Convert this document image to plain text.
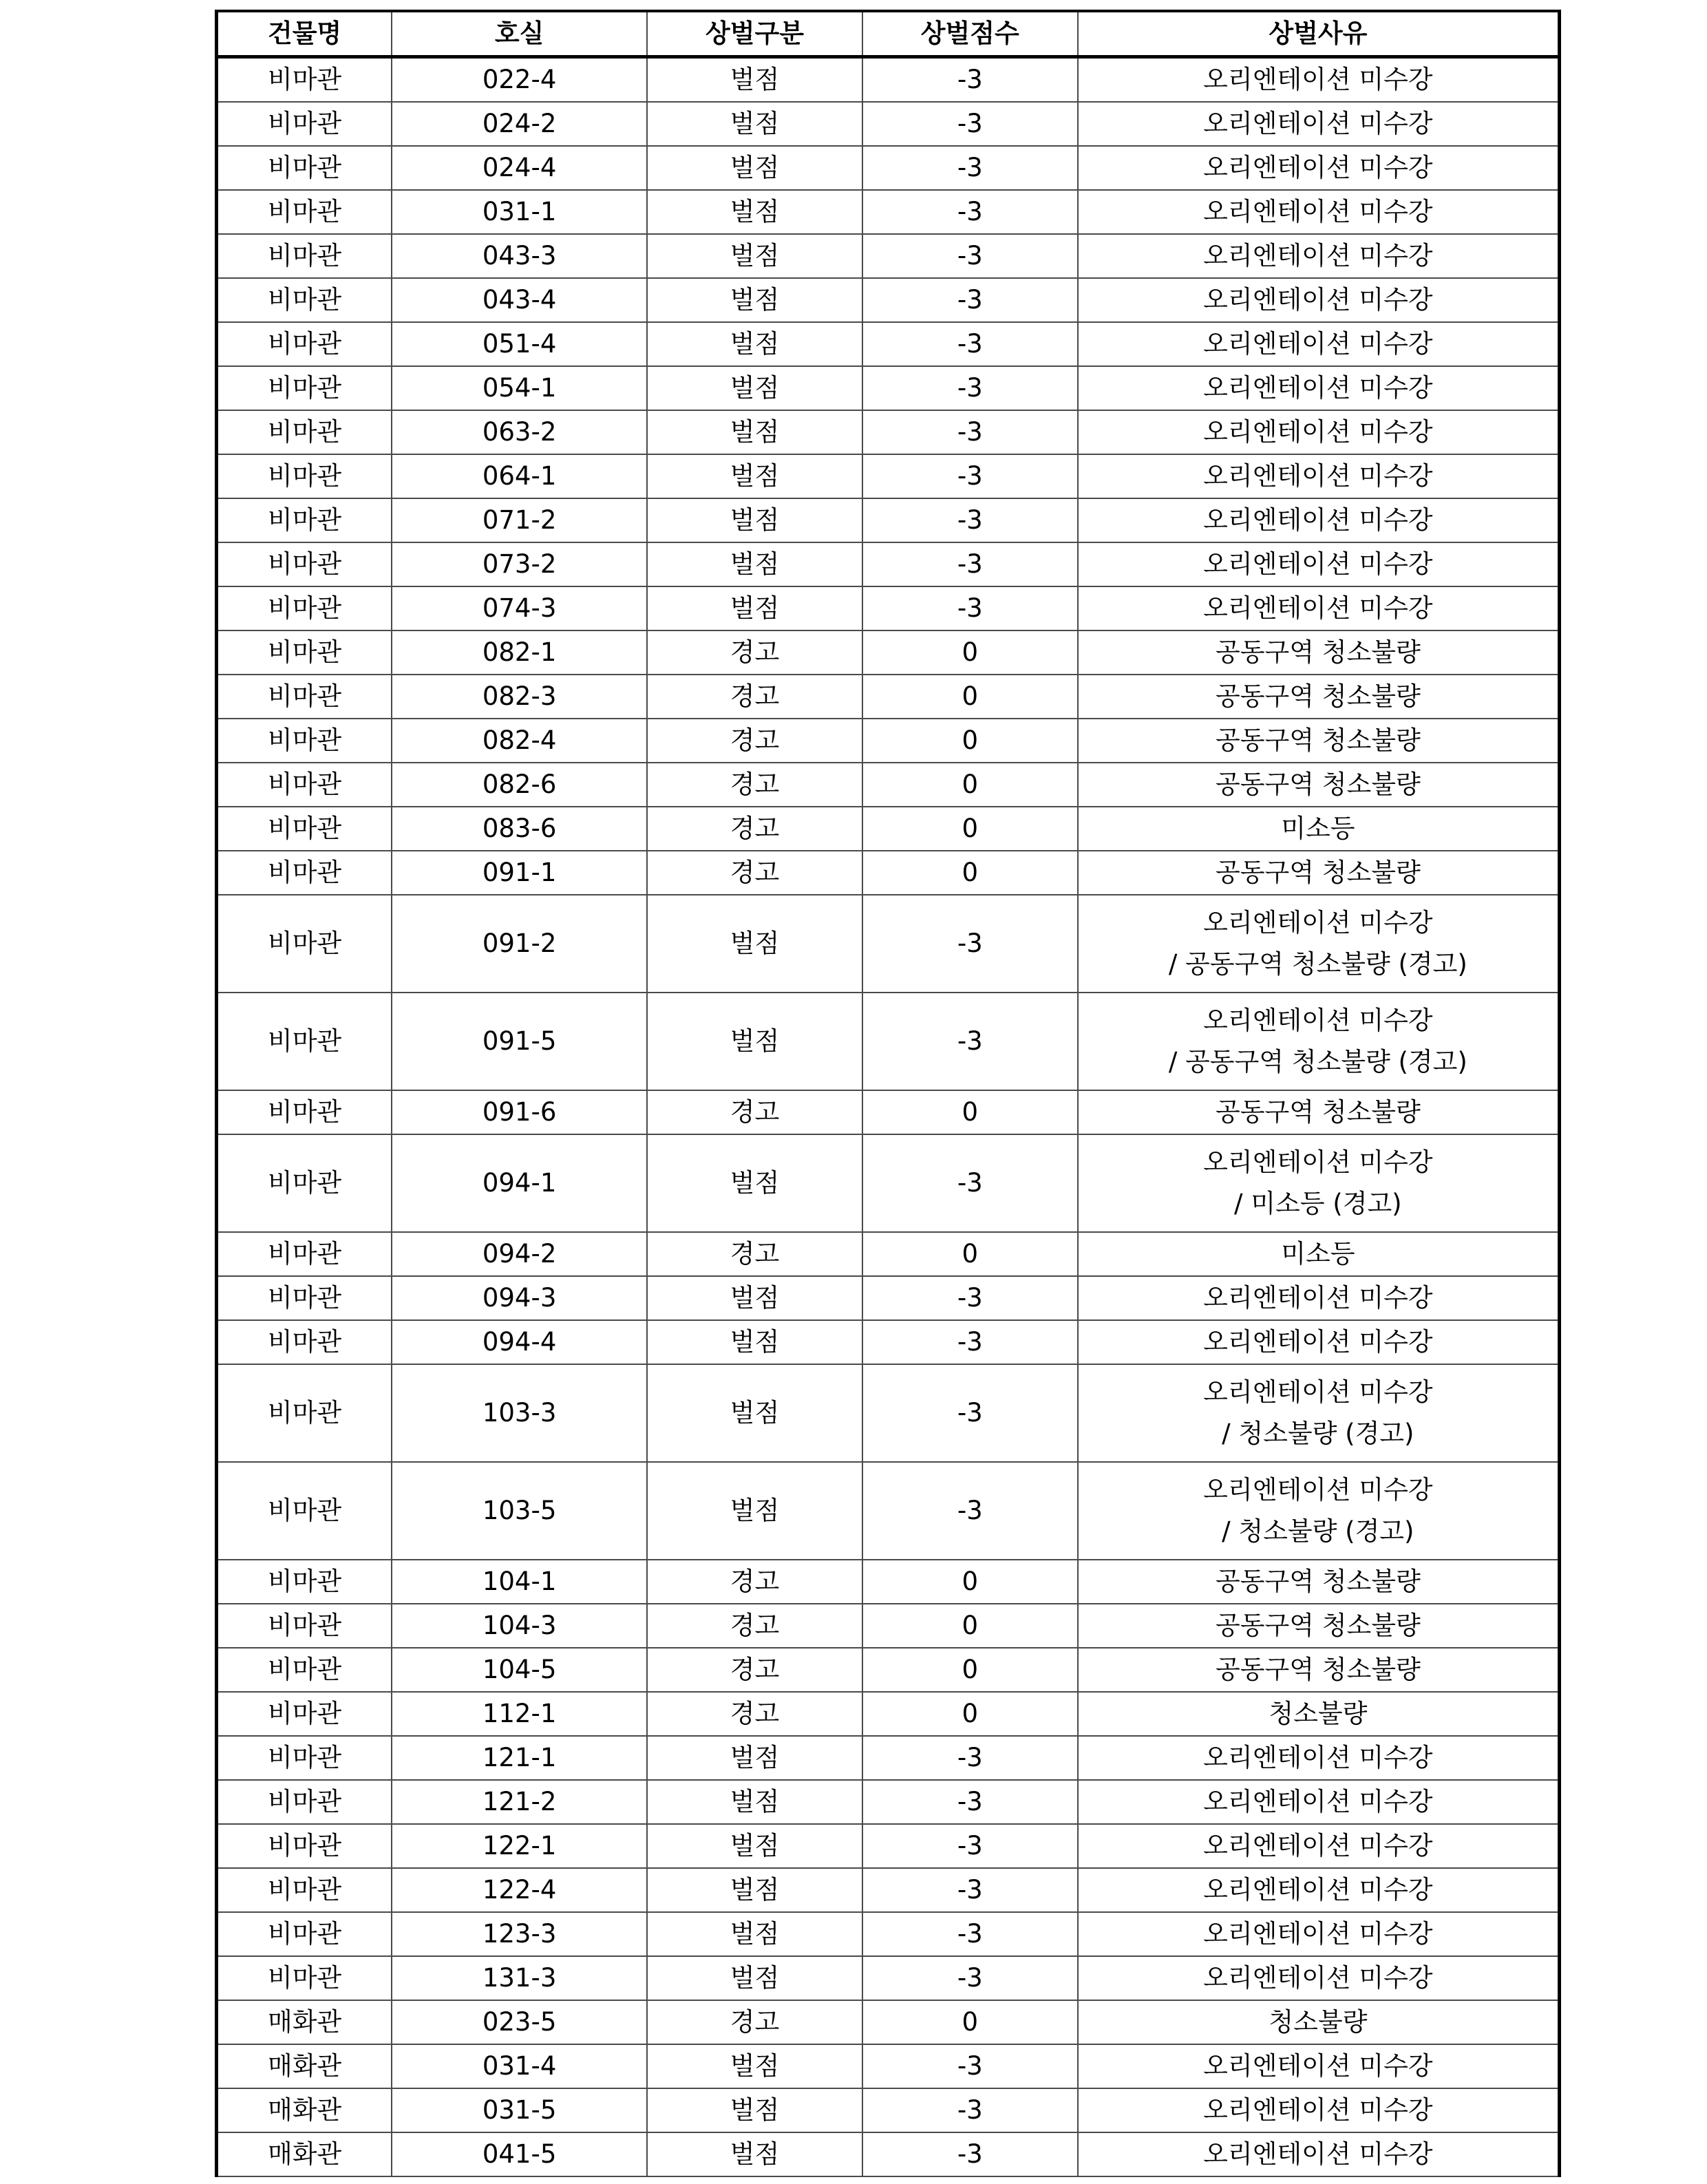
건물명	호실	상벌구분	상벌점수	상벌사유
비마관	022-4	벌점	-3	오리엔테이션 미수강

비마관	024-2	벌점	-3	오리엔테이션 미수강

비마관	024-4	벌점	-3	오리엔테이션 미수강

비마관	031-1	벌점	-3	오리엔테이션 미수강

비마관	043-3	벌점	-3	오리엔테이션 미수강

비마관	043-4	벌점	-3	오리엔테이션 미수강

비마관	051-4	벌점	-3	오리엔테이션 미수강

비마관	054-1	벌점	-3	오리엔테이션 미수강

비마관	063-2	벌점	-3	오리엔테이션 미수강

비마관	064-1	벌점	-3	오리엔테이션 미수강

비마관	071-2	벌점	-3	오리엔테이션 미수강

비마관	073-2	벌점	-3	오리엔테이션 미수강

비마관	074-3	벌점	-3	오리엔테이션 미수강

비마관	082-1	경고	0	공동구역 청소불량

비마관	082-3	경고	0	공동구역 청소불량

비마관	082-4	경고	0	공동구역 청소불량

비마관	082-6	경고	0	공동구역 청소불량

비마관	083-6	경고	0	미소등

비마관	091-1	경고	0	공동구역 청소불량

비마관	091-2	벌점	-3	오리엔테이션 미수강
/ 공동구역 청소불량 (경고)

비마관	091-5	벌점	-3	오리엔테이션 미수강
/ 공동구역 청소불량 (경고)

비마관	091-6	경고	0	공동구역 청소불량

비마관	094-1	벌점	-3	오리엔테이션 미수강
/ 미소등 (경고)

비마관	094-2	경고	0	미소등

비마관	094-3	벌점	-3	오리엔테이션 미수강

비마관	094-4	벌점	-3	오리엔테이션 미수강

비마관	103-3	벌점	-3	오리엔테이션 미수강
/ 청소불량 (경고)

비마관	103-5	벌점	-3	오리엔테이션 미수강
/ 청소불량 (경고)

비마관	104-1	경고	0	공동구역 청소불량

비마관	104-3	경고	0	공동구역 청소불량

비마관	104-5	경고	0	공동구역 청소불량

비마관	112-1	경고	0	청소불량

비마관	121-1	벌점	-3	오리엔테이션 미수강

비마관	121-2	벌점	-3	오리엔테이션 미수강

비마관	122-1	벌점	-3	오리엔테이션 미수강

비마관	122-4	벌점	-3	오리엔테이션 미수강

비마관	123-3	벌점	-3	오리엔테이션 미수강

비마관	131-3	벌점	-3	오리엔테이션 미수강

매화관	023-5	경고	0	청소불량

매화관	031-4	벌점	-3	오리엔테이션 미수강

매화관	031-5	벌점	-3	오리엔테이션 미수강

매화관	041-5	벌점	-3	오리엔테이션 미수강
